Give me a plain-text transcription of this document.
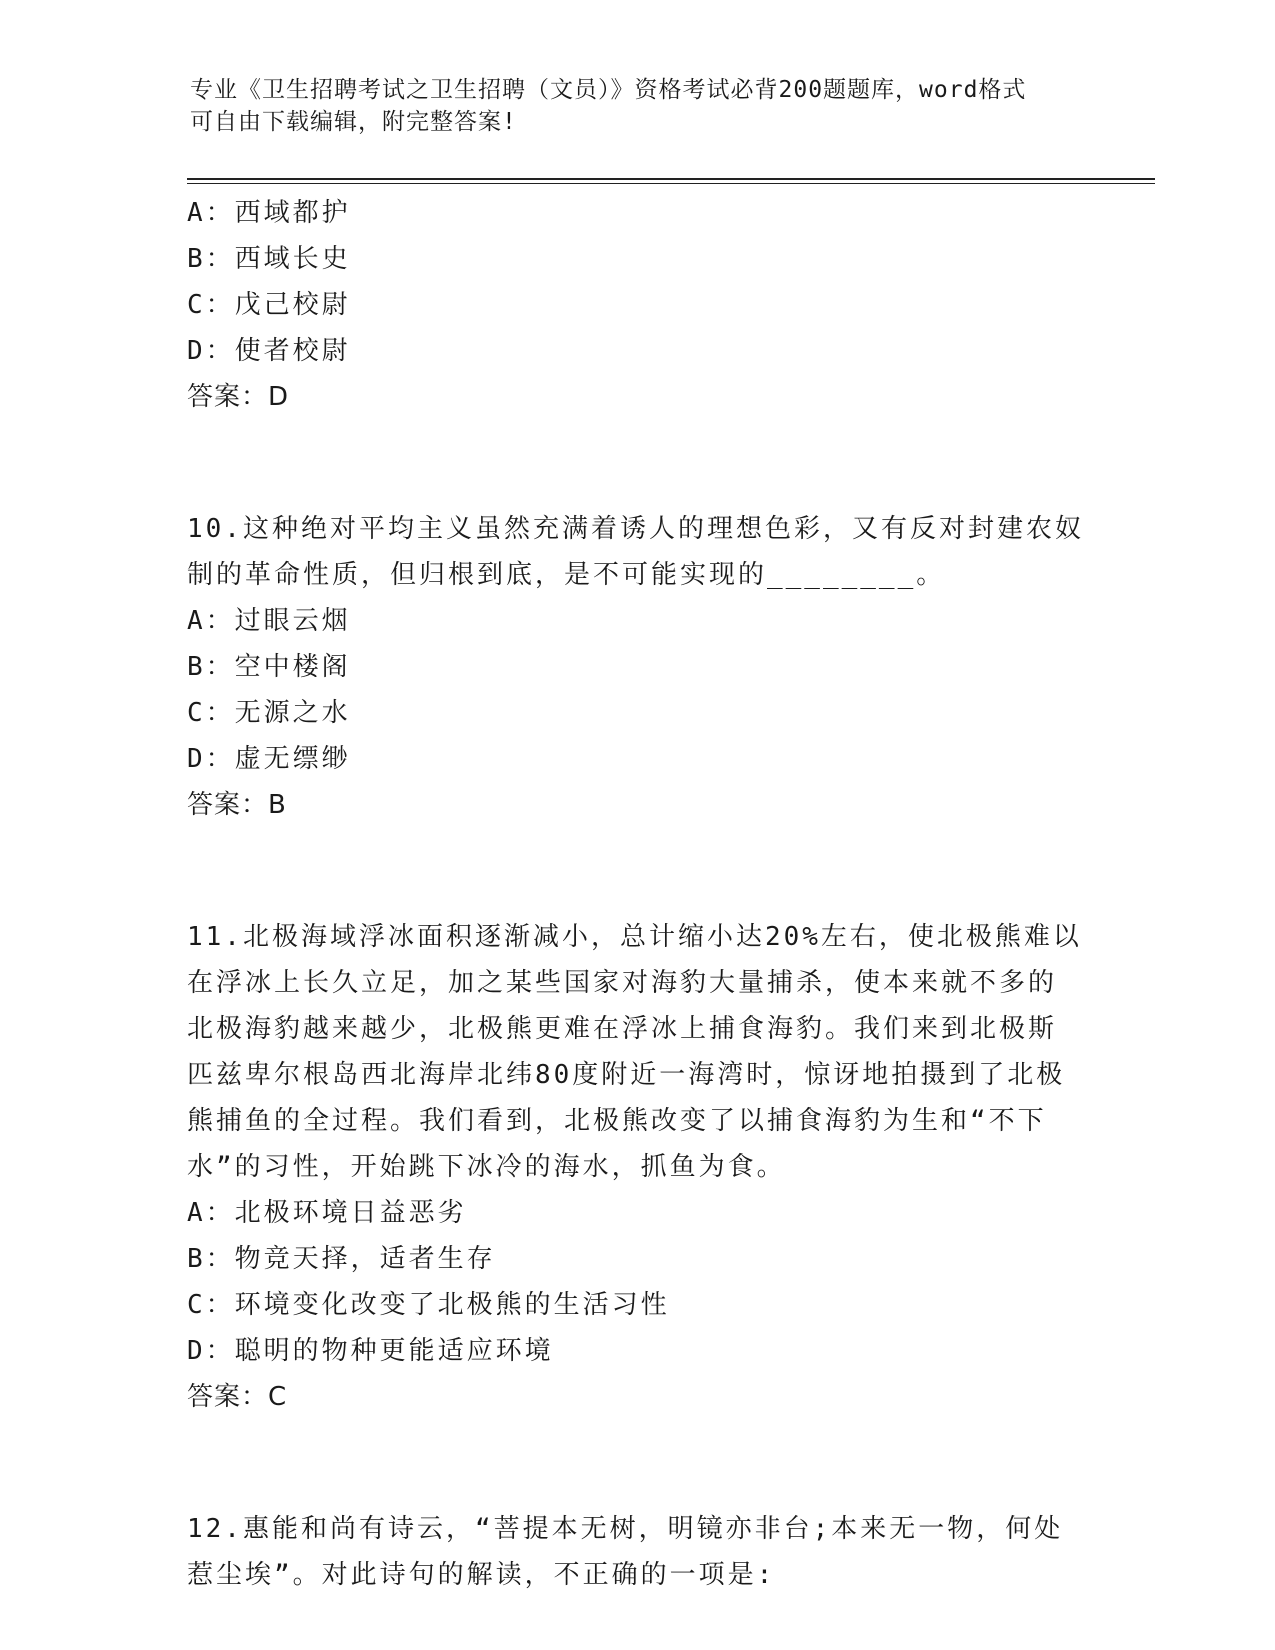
专业《卫生招聘考试之卫生招聘（文员）》资格考试必背200题题库，word格式
可自由下载编辑，附完整答案!
A：西域都护
B：西域长史
C：戊己校尉
D：使者校尉
答案：D
10.这种绝对平均主义虽然充满着诱人的理想色彩，又有反对封建农奴
制的革命性质，但归根到底，是不可能实现的________。
A：过眼云烟
B：空中楼阁
C：无源之水
D：虚无缥缈
答案：B
11.北极海域浮冰面积逐渐减小，总计缩小达20%左右，使北极熊难以
在浮冰上长久立足，加之某些国家对海豹大量捕杀，使本来就不多的
北极海豹越来越少，北极熊更难在浮冰上捕食海豹。我们来到北极斯
匹兹卑尔根岛西北海岸北纬80度附近一海湾时，惊讶地拍摄到了北极
熊捕鱼的全过程。我们看到，北极熊改变了以捕食海豹为生和“不下
水”的习性，开始跳下冰冷的海水，抓鱼为食。
A：北极环境日益恶劣
B：物竞天择，适者生存
C：环境变化改变了北极熊的生活习性
D：聪明的物种更能适应环境
答案：C
12.惠能和尚有诗云，“菩提本无树，明镜亦非台;本来无一物，何处
惹尘埃”。对此诗句的解读，不正确的一项是:
